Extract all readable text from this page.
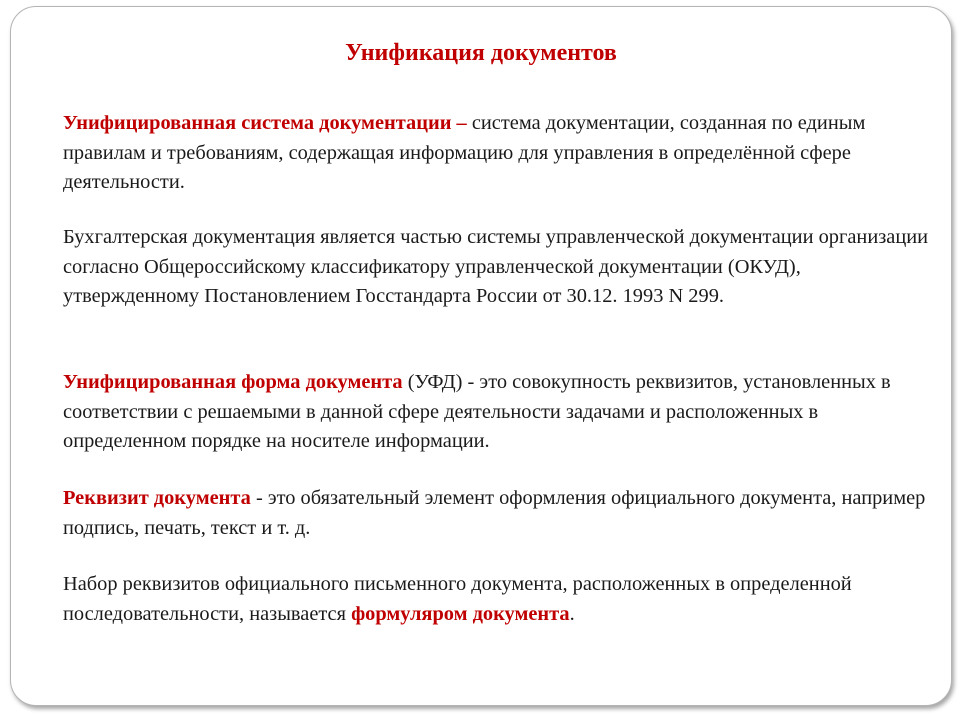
Унификация документов

Унифицированная система документации – система документации, созданная по единым правилам и требованиям, содержащая информацию для управления в определённой сфере деятельности.

Бухгалтерская документация является частью системы управленческой документации организации согласно Общероссийскому классификатору управленческой документации (ОКУД), утвержденному Постановлением Госстандарта России от 30.12. 1993 N 299.

Унифицированная форма документа (УФД) - это совокупность реквизитов, установленных в соответствии с решаемыми в данной сфере деятельности задачами и расположенных в определенном порядке на носителе информации.

Реквизит документа - это обязательный элемент оформления официального документа, например подпись, печать, текст и т. д.

Набор реквизитов официального письменного документа, расположенных в определенной последовательности, называется формуляром документа.
